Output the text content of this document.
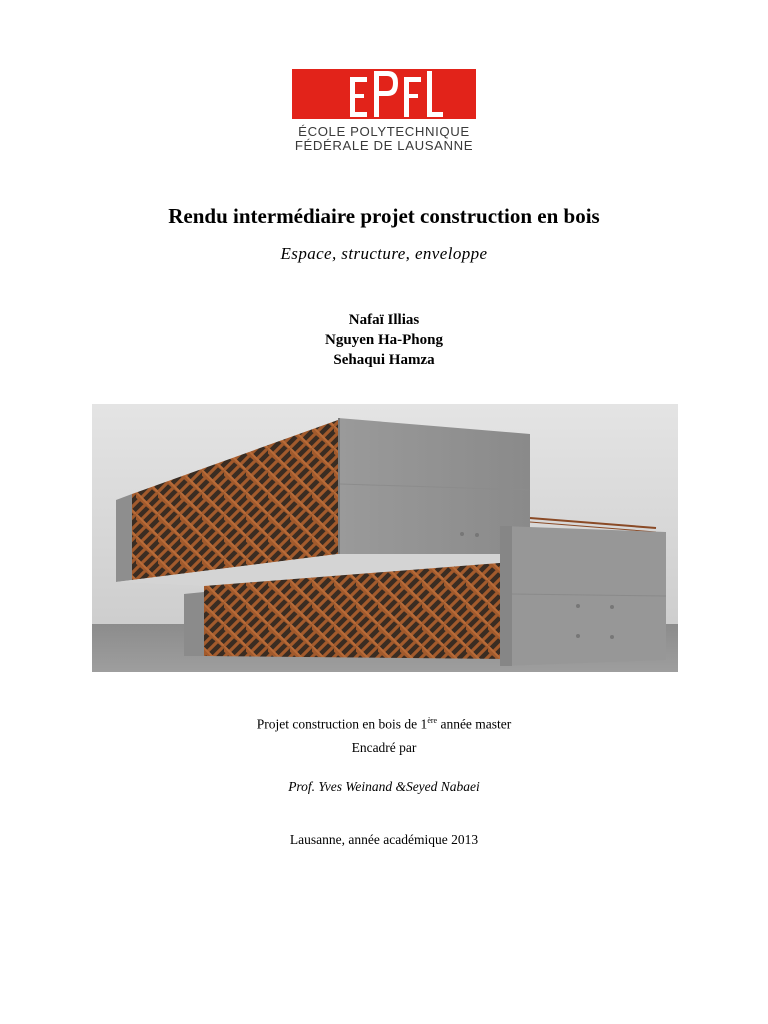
ÉCOLE POLYTECHNIQUE
FÉDÉRALE DE LAUSANNE
Rendu intermédiaire projet construction en bois
Espace, structure, enveloppe
Nafaï Illias
Nguyen Ha-Phong
Sehaqui Hamza
Projet construction en bois de 1ère année master
Encadré par
Prof. Yves Weinand &Seyed Nabaei
Lausanne, année académique 2013
